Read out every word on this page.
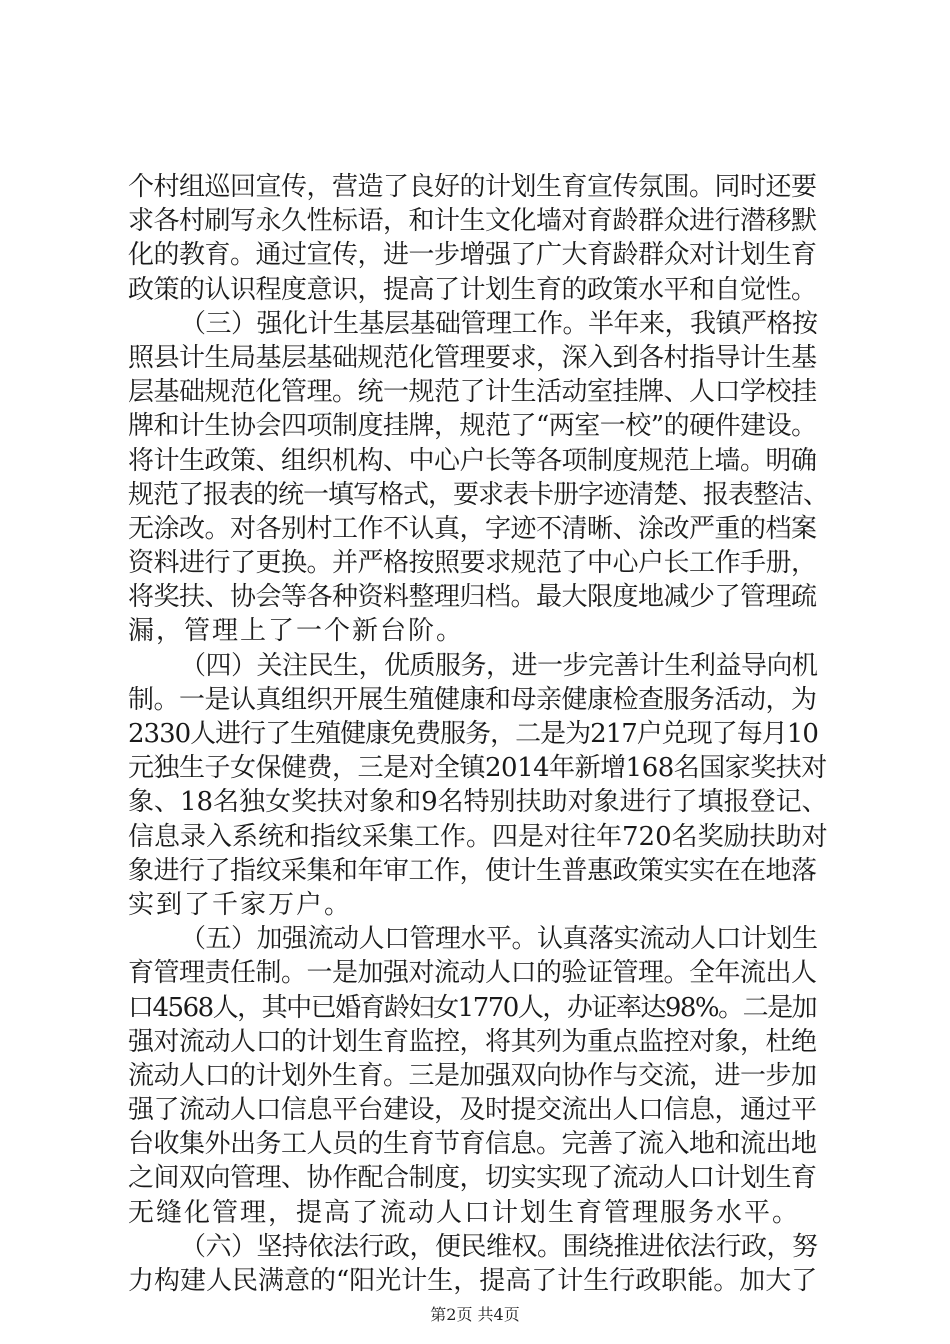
个村组巡回宣传，营造了良好的计划生育宣传氛围。同时还要
求各村刷写永久性标语，和计生文化墙对育龄群众进行潜移默
化的教育。通过宣传，进一步增强了广大育龄群众对计划生育
政策的认识程度意识，提高了计划生育的政策水平和自觉性。
（三）强化计生基层基础管理工作。半年来，我镇严格按
照县计生局基层基础规范化管理要求，深入到各村指导计生基
层基础规范化管理。统一规范了计生活动室挂牌、人口学校挂
牌和计生协会四项制度挂牌，规范了“两室一校”的硬件建设。
将计生政策、组织机构、中心户长等各项制度规范上墙。明确
规范了报表的统一填写格式，要求表卡册字迹清楚、报表整洁、
无涂改。对各别村工作不认真，字迹不清晰、涂改严重的档案
资料进行了更换。并严格按照要求规范了中心户长工作手册，
将奖扶、协会等各种资料整理归档。最大限度地减少了管理疏
漏，管理上了一个新台阶。
（四）关注民生，优质服务，进一步完善计生利益导向机
制。一是认真组织开展生殖健康和母亲健康检查服务活动，为
2330人进行了生殖健康免费服务，二是为217户兑现了每月10
元独生子女保健费，三是对全镇2014年新增168名国家奖扶对
象、18名独女奖扶对象和9名特别扶助对象进行了填报登记、
信息录入系统和指纹采集工作。四是对往年720名奖励扶助对
象进行了指纹采集和年审工作，使计生普惠政策实实在在地落
实到了千家万户。
（五）加强流动人口管理水平。认真落实流动人口计划生
育管理责任制。一是加强对流动人口的验证管理。全年流出人
口4568人，其中已婚育龄妇女1770人，办证率达98%。二是加
强对流动人口的计划生育监控，将其列为重点监控对象，杜绝
流动人口的计划外生育。三是加强双向协作与交流，进一步加
强了流动人口信息平台建设，及时提交流出人口信息，通过平
台收集外出务工人员的生育节育信息。完善了流入地和流出地
之间双向管理、协作配合制度，切实实现了流动人口计划生育
无缝化管理，提高了流动人口计划生育管理服务水平。
（六）坚持依法行政，便民维权。围绕推进依法行政，努
力构建人民满意的“阳光计生，提高了计生行政职能。加大了
第2页 共4页
